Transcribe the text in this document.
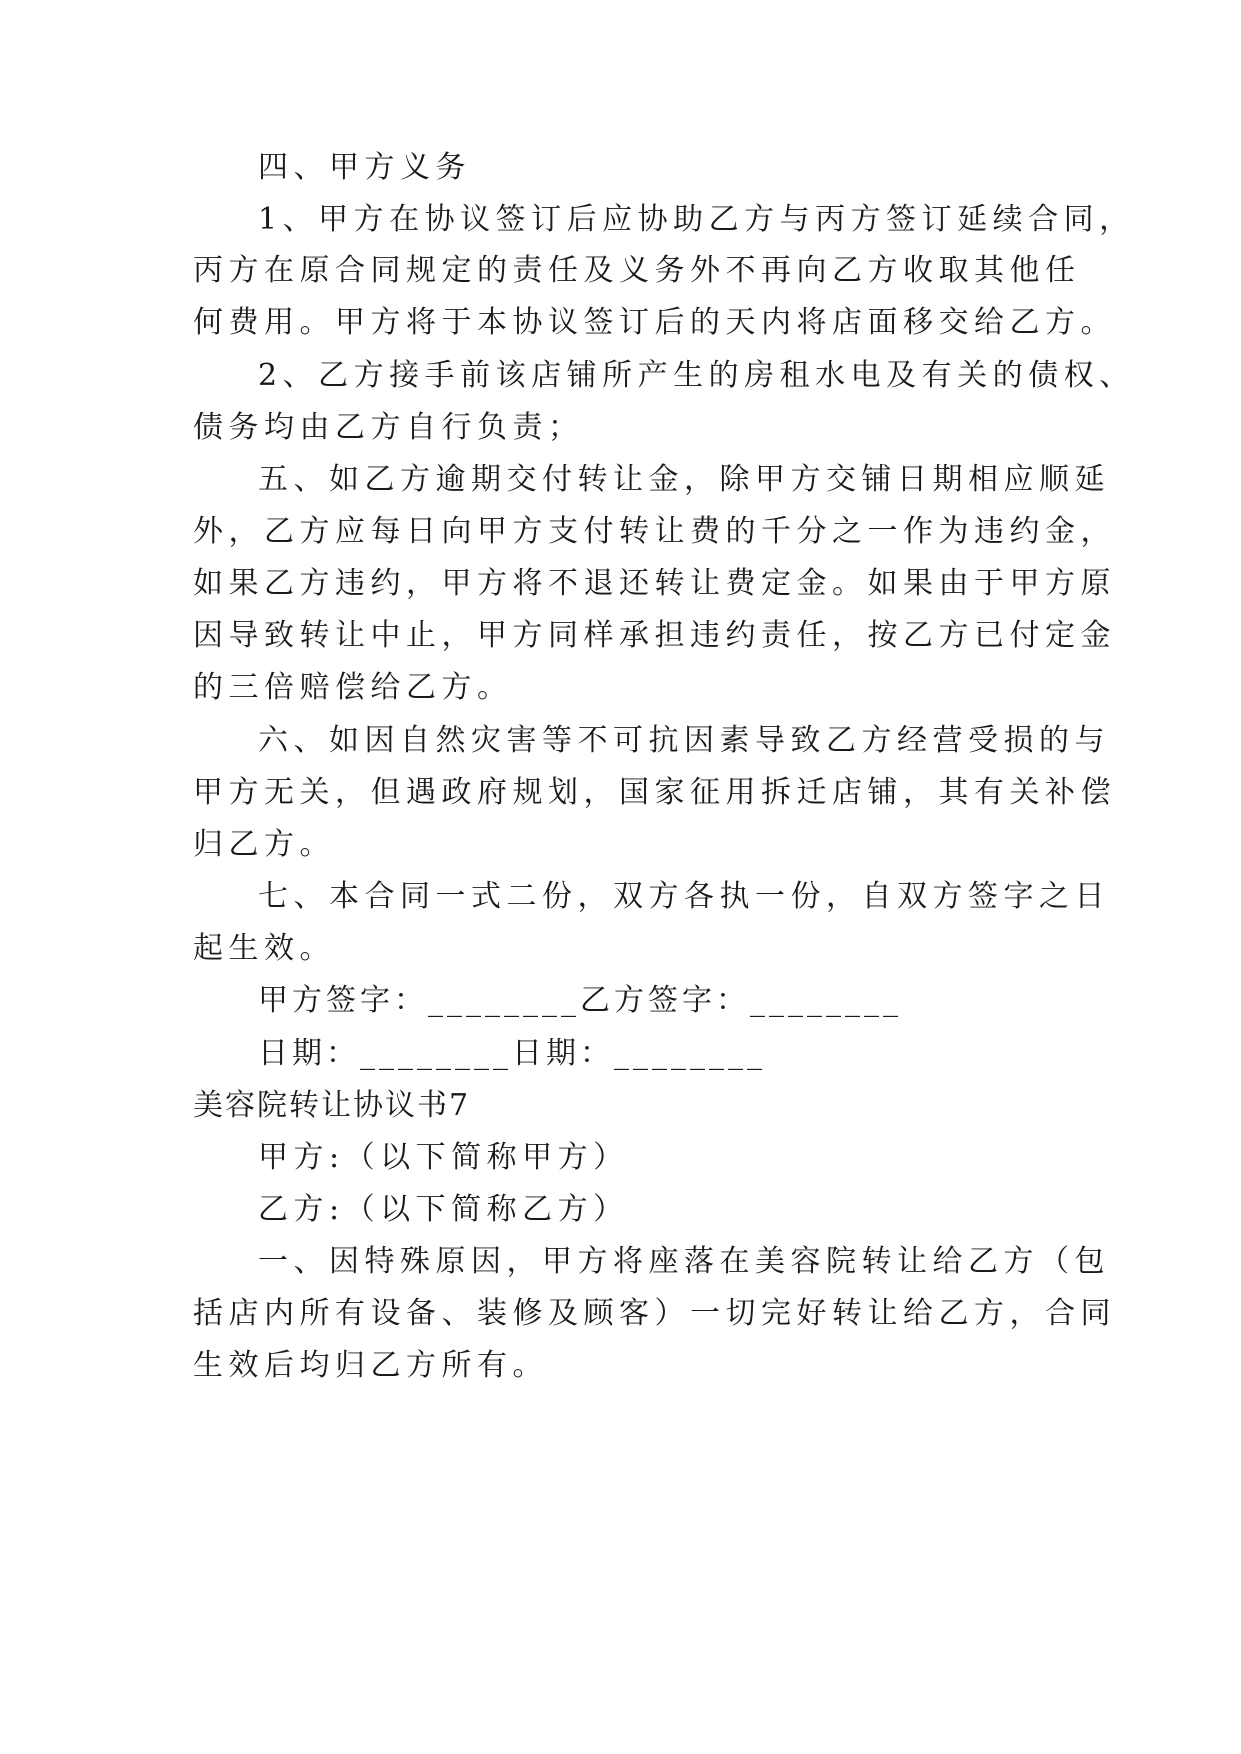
四、甲方义务
1、甲方在协议签订后应协助乙方与丙方签订延续合同，
丙方在原合同规定的责任及义务外不再向乙方收取其他任
何费用。甲方将于本协议签订后的天内将店面移交给乙方。
2、乙方接手前该店铺所产生的房租水电及有关的债权、
债务均由乙方自行负责；
五、如乙方逾期交付转让金，除甲方交铺日期相应顺延
外，乙方应每日向甲方支付转让费的千分之一作为违约金，
如果乙方违约，甲方将不退还转让费定金。如果由于甲方原
因导致转让中止，甲方同样承担违约责任，按乙方已付定金
的三倍赔偿给乙方。
六、如因自然灾害等不可抗因素导致乙方经营受损的与
甲方无关，但遇政府规划，国家征用拆迁店铺，其有关补偿
归乙方。
七、本合同一式二份，双方各执一份，自双方签字之日
起生效。
甲方签字：________乙方签字：________
日期：________日期：________
美容院转让协议书7
甲方:（以下简称甲方）
乙方:（以下简称乙方）
一、因特殊原因，甲方将座落在美容院转让给乙方（包
括店内所有设备、装修及顾客）一切完好转让给乙方，合同
生效后均归乙方所有。
